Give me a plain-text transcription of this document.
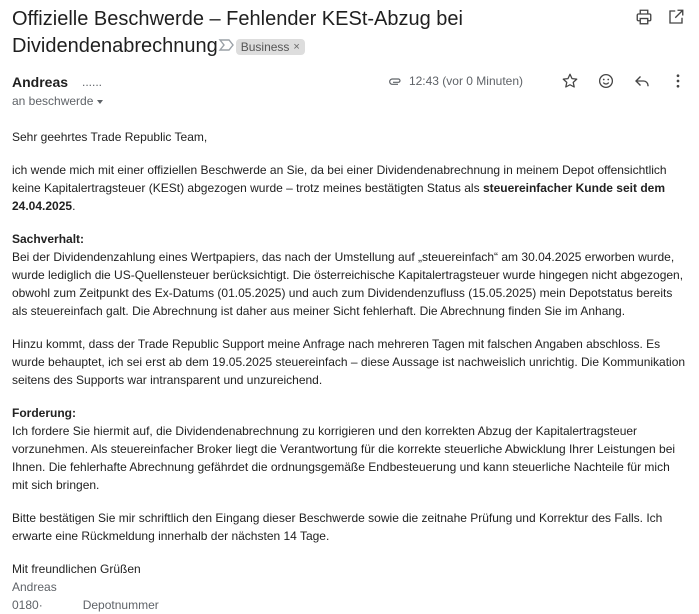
Offizielle Beschwerde – Fehlender KESt-Abzug bei Dividendenabrechnung Business ×
Andreas ......
an beschwerde
12:43 (vor 0 Minuten)

Sehr geehrtes Trade Republic Team,

ich wende mich mit einer offiziellen Beschwerde an Sie, da bei einer Dividendenabrechnung in meinem Depot offensichtlich keine Kapitalertragsteuer (KESt) abgezogen wurde – trotz meines bestätigten Status als steuereinfacher Kunde seit dem 24.04.2025.

Sachverhalt:
Bei der Dividendenzahlung eines Wertpapiers, das nach der Umstellung auf „steuereinfach“ am 30.04.2025 erworben wurde, wurde lediglich die US-Quellensteuer berücksichtigt. Die österreichische Kapitalertragsteuer wurde hingegen nicht abgezogen, obwohl zum Zeitpunkt des Ex-Datums (01.05.2025) und auch zum Dividendenzufluss (15.05.2025) mein Depotstatus bereits als steuereinfach galt. Die Abrechnung ist daher aus meiner Sicht fehlerhaft. Die Abrechnung finden Sie im Anhang.

Hinzu kommt, dass der Trade Republic Support meine Anfrage nach mehreren Tagen mit falschen Angaben abschloss. Es wurde behauptet, ich sei erst ab dem 19.05.2025 steuereinfach – diese Aussage ist nachweislich unrichtig. Die Kommunikation seitens des Supports war intransparent und unzureichend.

Forderung:
Ich fordere Sie hiermit auf, die Dividendenabrechnung zu korrigieren und den korrekten Abzug der Kapitalertragsteuer vorzunehmen. Als steuereinfacher Broker liegt die Verantwortung für die korrekte steuerliche Abwicklung Ihrer Leistungen bei Ihnen. Die fehlerhafte Abrechnung gefährdet die ordnungsgemäße Endbesteuerung und kann steuerliche Nachteile für mich mit sich bringen.

Bitte bestätigen Sie mir schriftlich den Eingang dieser Beschwerde sowie die zeitnahe Prüfung und Korrektur des Falls. Ich erwarte eine Rückmeldung innerhalb der nächsten 14 Tage.

Mit freundlichen Grüßen
Andreas
0180·	Depotnummer
